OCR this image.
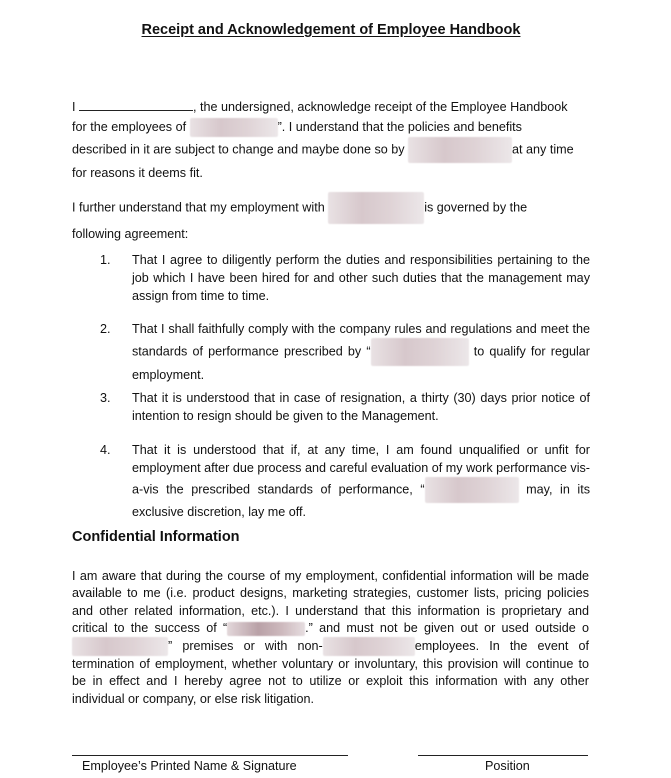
Receipt and Acknowledgement of Employee Handbook

I	, the undersigned, acknowledge receipt of the Employee Handbook
for the employees of	”. I understand that the policies and benefits
described in it are subject to change and maybe done so by	at any time
for reasons it deems fit.

I further understand that my employment with	is governed by the
following agreement:

1.	That I agree to diligently perform the duties and responsibilities pertaining to the job which I have been hired for and other such duties that the management may assign from time to time.
2.	That I shall faithfully comply with the company rules and regulations and meet the standards of performance prescribed by “	to qualify for regular employment.
3.	That it is understood that in case of resignation, a thirty (30) days prior notice of intention to resign should be given to the Management.
4.	That it is understood that if, at any time, I am found unqualified or unfit for employment after due process and careful evaluation of my work performance vis-a-vis the prescribed standards of performance, “	may, in its exclusive discretion, lay me off.
Confidential Information
I am aware that during the course of my employment, confidential information will be made available to me (i.e. product designs, marketing strategies, customer lists, pricing policies and other related information, etc.). I understand that this information is proprietary and critical to the success of “	.” and must not be given out or used outside o” premises or with non-	employees. In the event of termination of employment, whether voluntary or involuntary, this provision will continue to be in effect and I hereby agree not to utilize or exploit this information with any other individual or company, or else risk litigation.
Employee’s Printed Name & Signature	Position
